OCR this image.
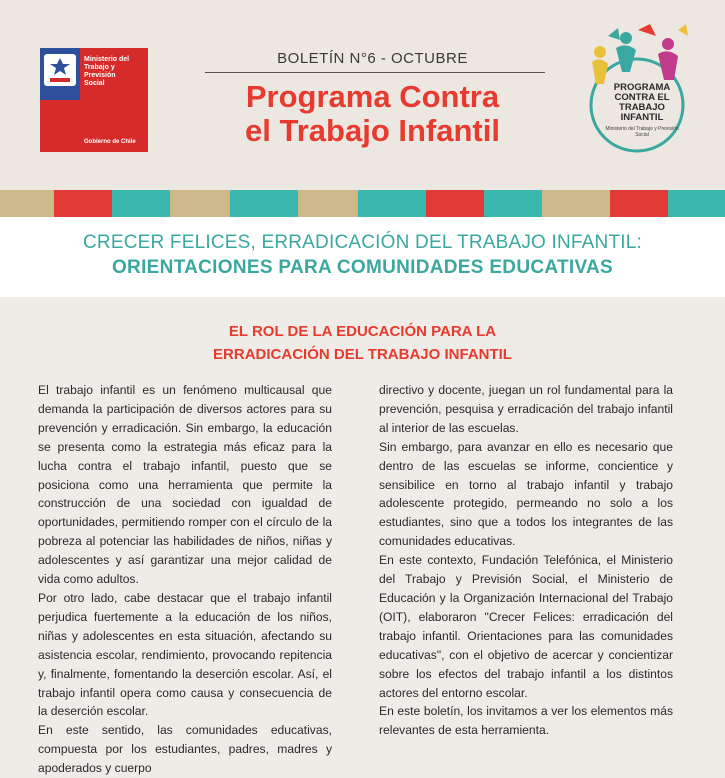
Ministerio del
Trabajo y
Previsión
Social
Gobierno de Chile
BOLETÍN N°6 - OCTUBRE
Programa Contra
el Trabajo Infantil
PROGRAMA
CONTRA EL
TRABAJO
INFANTIL
Ministerio del Trabajo y Previsión Social
CRECER FELICES, ERRADICACIÓN DEL TRABAJO INFANTIL:
ORIENTACIONES PARA COMUNIDADES EDUCATIVAS
EL ROL DE LA EDUCACIÓN PARA LA
ERRADICACIÓN DEL TRABAJO INFANTIL

El trabajo infantil es un fenómeno multicausal que demanda la participación de diversos actores para su prevención y erradicación. Sin embargo, la educación se presenta como la estrategia más eficaz para la lucha contra el trabajo infantil, puesto que se posiciona como una herramienta que permite la construcción de una sociedad con igualdad de oportunidades, permitiendo romper con el círculo de la pobreza al potenciar las habilidades de niños, niñas y adolescentes y así garantizar una mejor calidad de vida como adultos.

Por otro lado, cabe destacar que el trabajo infantil perjudica fuertemente a la educación de los niños, niñas y adolescentes en esta situación, afectando su asistencia escolar, rendimiento, provocando repitencia y, finalmente, fomentando la deserción escolar. Así, el trabajo infantil opera como causa y consecuencia de la deserción escolar.

En este sentido, las comunidades educativas, compuesta por los estudiantes, padres, madres y apoderados y cuerpo

directivo y docente, juegan un rol fundamental para la prevención, pesquisa y erradicación del trabajo infantil al interior de las escuelas.

Sin embargo, para avanzar en ello es necesario que dentro de las escuelas se informe, concientice y sensibilice en torno al trabajo infantil y trabajo adolescente protegido, permeando no solo a los estudiantes, sino que a todos los integrantes de las comunidades educativas.

En este contexto, Fundación Telefónica, el Ministerio del Trabajo y Previsión Social, el Ministerio de Educación y la Organización Internacional del Trabajo (OIT), elaboraron "Crecer Felices: erradicación del trabajo infantil. Orientaciones para las comunidades educativas", con el objetivo de acercar y concientizar sobre los efectos del trabajo infantil a los distintos actores del entorno escolar.

En este boletín, los invitamos a ver los elementos más relevantes de esta herramienta.
